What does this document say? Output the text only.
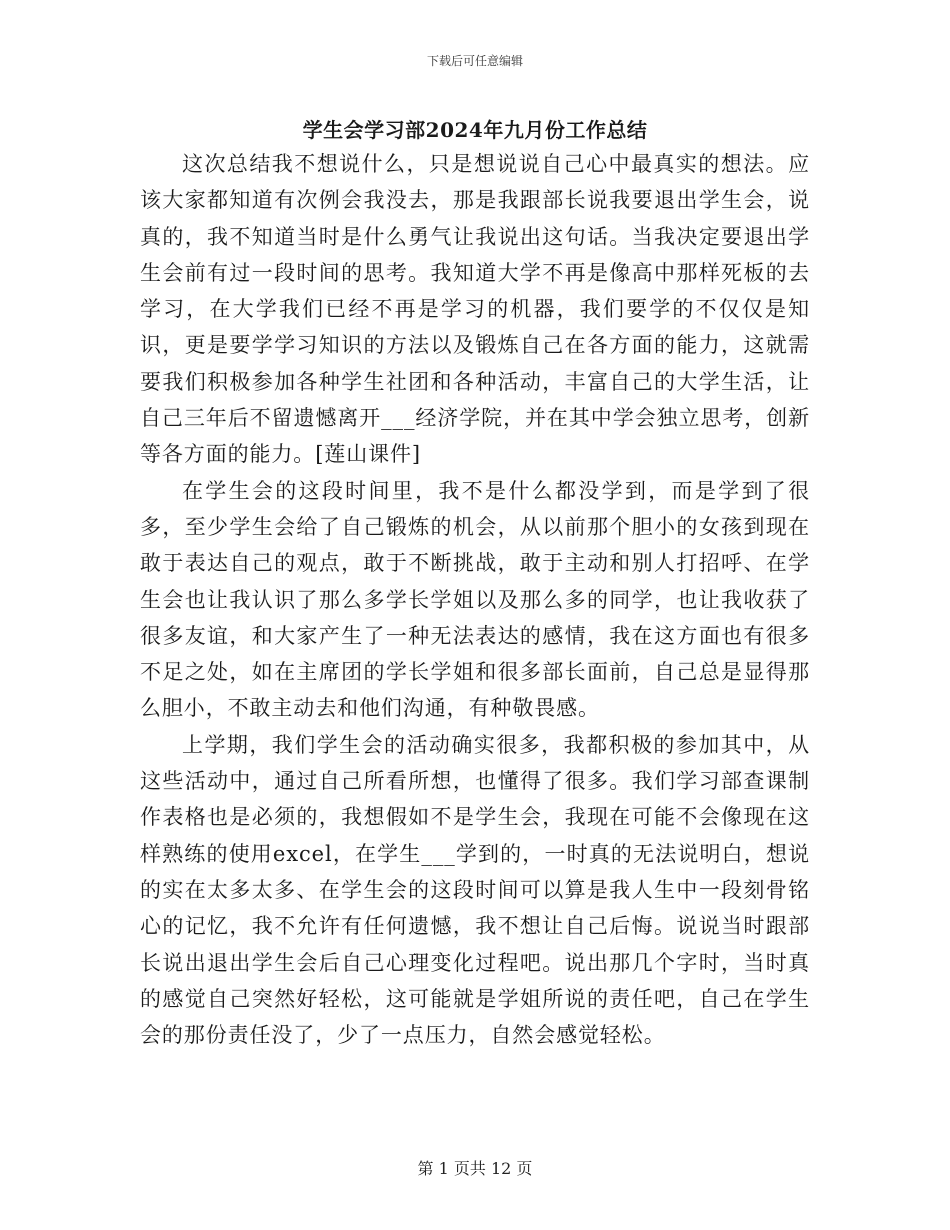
下载后可任意编辑
学生会学习部2024年九月份工作总结

这次总结我不想说什么，只是想说说自己心中最真实的想法。应该大家都知道有次例会我没去，那是我跟部长说我要退出学生会，说真的，我不知道当时是什么勇气让我说出这句话。当我决定要退出学生会前有过一段时间的思考。我知道大学不再是像高中那样死板的去学习，在大学我们已经不再是学习的机器，我们要学的不仅仅是知识，更是要学学习知识的方法以及锻炼自己在各方面的能力，这就需要我们积极参加各种学生社团和各种活动，丰富自己的大学生活，让自己三年后不留遗憾离开___经济学院，并在其中学会独立思考，创新等各方面的能力。[莲山课件]

在学生会的这段时间里，我不是什么都没学到，而是学到了很多，至少学生会给了自己锻炼的机会，从以前那个胆小的女孩到现在敢于表达自己的观点，敢于不断挑战，敢于主动和别人打招呼、在学生会也让我认识了那么多学长学姐以及那么多的同学，也让我收获了很多友谊，和大家产生了一种无法表达的感情，我在这方面也有很多不足之处，如在主席团的学长学姐和很多部长面前，自己总是显得那么胆小，不敢主动去和他们沟通，有种敬畏感。

上学期，我们学生会的活动确实很多，我都积极的参加其中，从这些活动中，通过自己所看所想，也懂得了很多。我们学习部查课制作表格也是必须的，我想假如不是学生会，我现在可能不会像现在这样熟练的使用excel，在学生___学到的，一时真的无法说明白，想说的实在太多太多、在学生会的这段时间可以算是我人生中一段刻骨铭心的记忆，我不允许有任何遗憾，我不想让自己后悔。说说当时跟部长说出退出学生会后自己心理变化过程吧。说出那几个字时，当时真的感觉自己突然好轻松，这可能就是学姐所说的责任吧，自己在学生会的那份责任没了，少了一点压力，自然会感觉轻松。

第 1 页共 12 页
